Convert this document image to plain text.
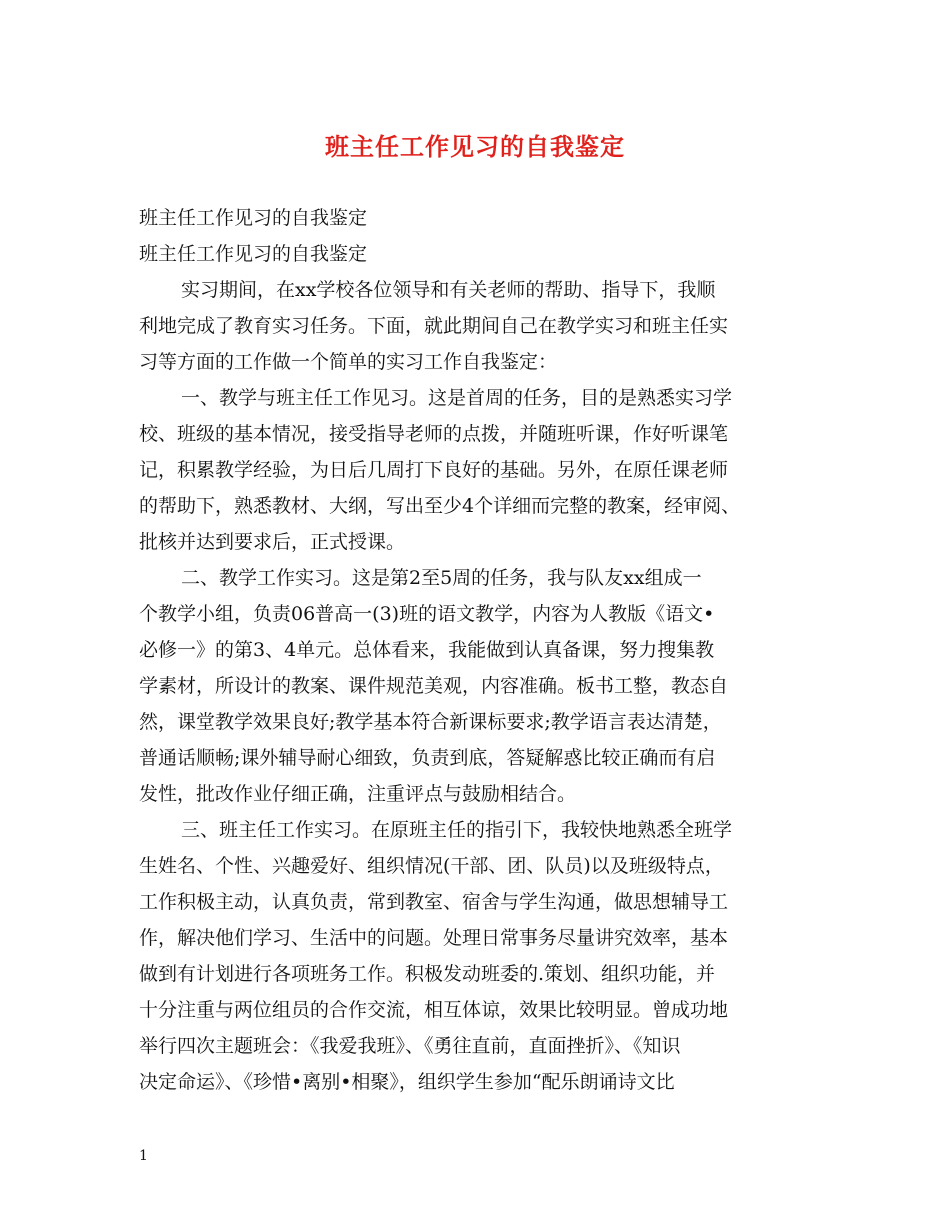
班主任工作见习的自我鉴定

班主任工作见习的自我鉴定

班主任工作见习的自我鉴定

实习期间，在xx学校各位领导和有关老师的帮助、指导下，我顺

利地完成了教育实习任务。下面，就此期间自己在教学实习和班主任实

习等方面的工作做一个简单的实习工作自我鉴定：

一、教学与班主任工作见习。这是首周的任务，目的是熟悉实习学

校、班级的基本情况，接受指导老师的点拨，并随班听课，作好听课笔

记，积累教学经验，为日后几周打下良好的基础。另外，在原任课老师

的帮助下，熟悉教材、大纲，写出至少4个详细而完整的教案，经审阅、

批核并达到要求后，正式授课。

二、教学工作实习。这是第2至5周的任务，我与队友xx组成一

个教学小组，负责06普高一(3)班的语文教学，内容为人教版《语文•

必修一》的第3、4单元。总体看来，我能做到认真备课，努力搜集教

学素材，所设计的教案、课件规范美观，内容准确。板书工整，教态自

然，课堂教学效果良好;教学基本符合新课标要求;教学语言表达清楚，

普通话顺畅;课外辅导耐心细致，负责到底，答疑解惑比较正确而有启

发性，批改作业仔细正确，注重评点与鼓励相结合。

三、班主任工作实习。在原班主任的指引下，我较快地熟悉全班学

生姓名、个性、兴趣爱好、组织情况(干部、团、队员)以及班级特点，

工作积极主动，认真负责，常到教室、宿舍与学生沟通，做思想辅导工

作，解决他们学习、生活中的问题。处理日常事务尽量讲究效率，基本

做到有计划进行各项班务工作。积极发动班委的.策划、组织功能，并

十分注重与两位组员的合作交流，相互体谅，效果比较明显。曾成功地

举行四次主题班会：《我爱我班》、《勇往直前，直面挫折》、《知识

决定命运》、《珍惜•离别•相聚》，组织学生参加“配乐朗诵诗文比

1
